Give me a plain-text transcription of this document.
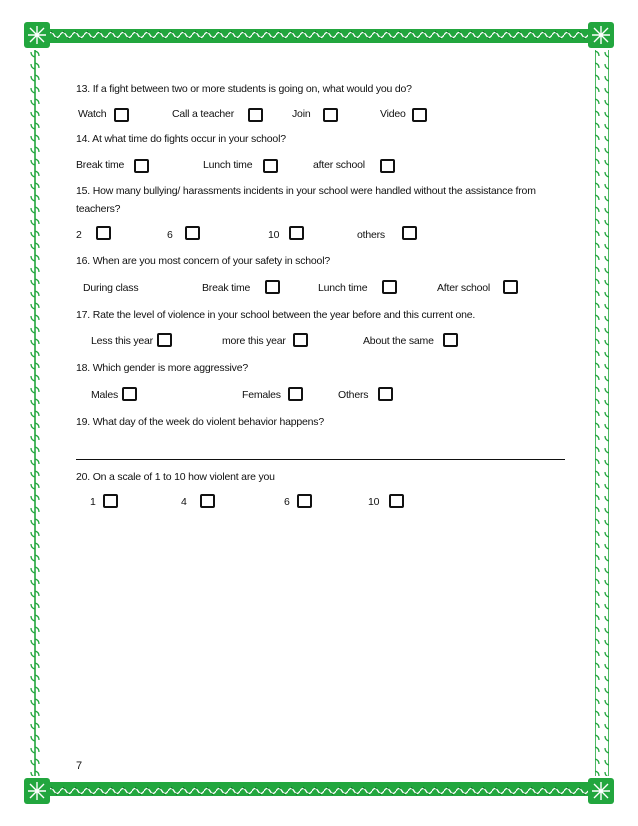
13. If a fight between two or more students is going on, what would you do?
Watch	Call a teacher	Join	Video
14. At what time do fights occur in your school?
Break time	Lunch time	after school
15. How many bullying/ harassments incidents in your school were handled without the assistance from
teachers?
2	6	10	others
16. When are you most concern of your safety in school?
During class	Break time	Lunch time	After school
17. Rate the level of violence in your school between the year before and this current one.
Less this year	more this year	About the same
18. Which gender is more aggressive?
Males	Females	Others
19. What day of the week do violent behavior happens?
20. On a scale of 1 to 10 how violent are you
1	4	6	10
7
